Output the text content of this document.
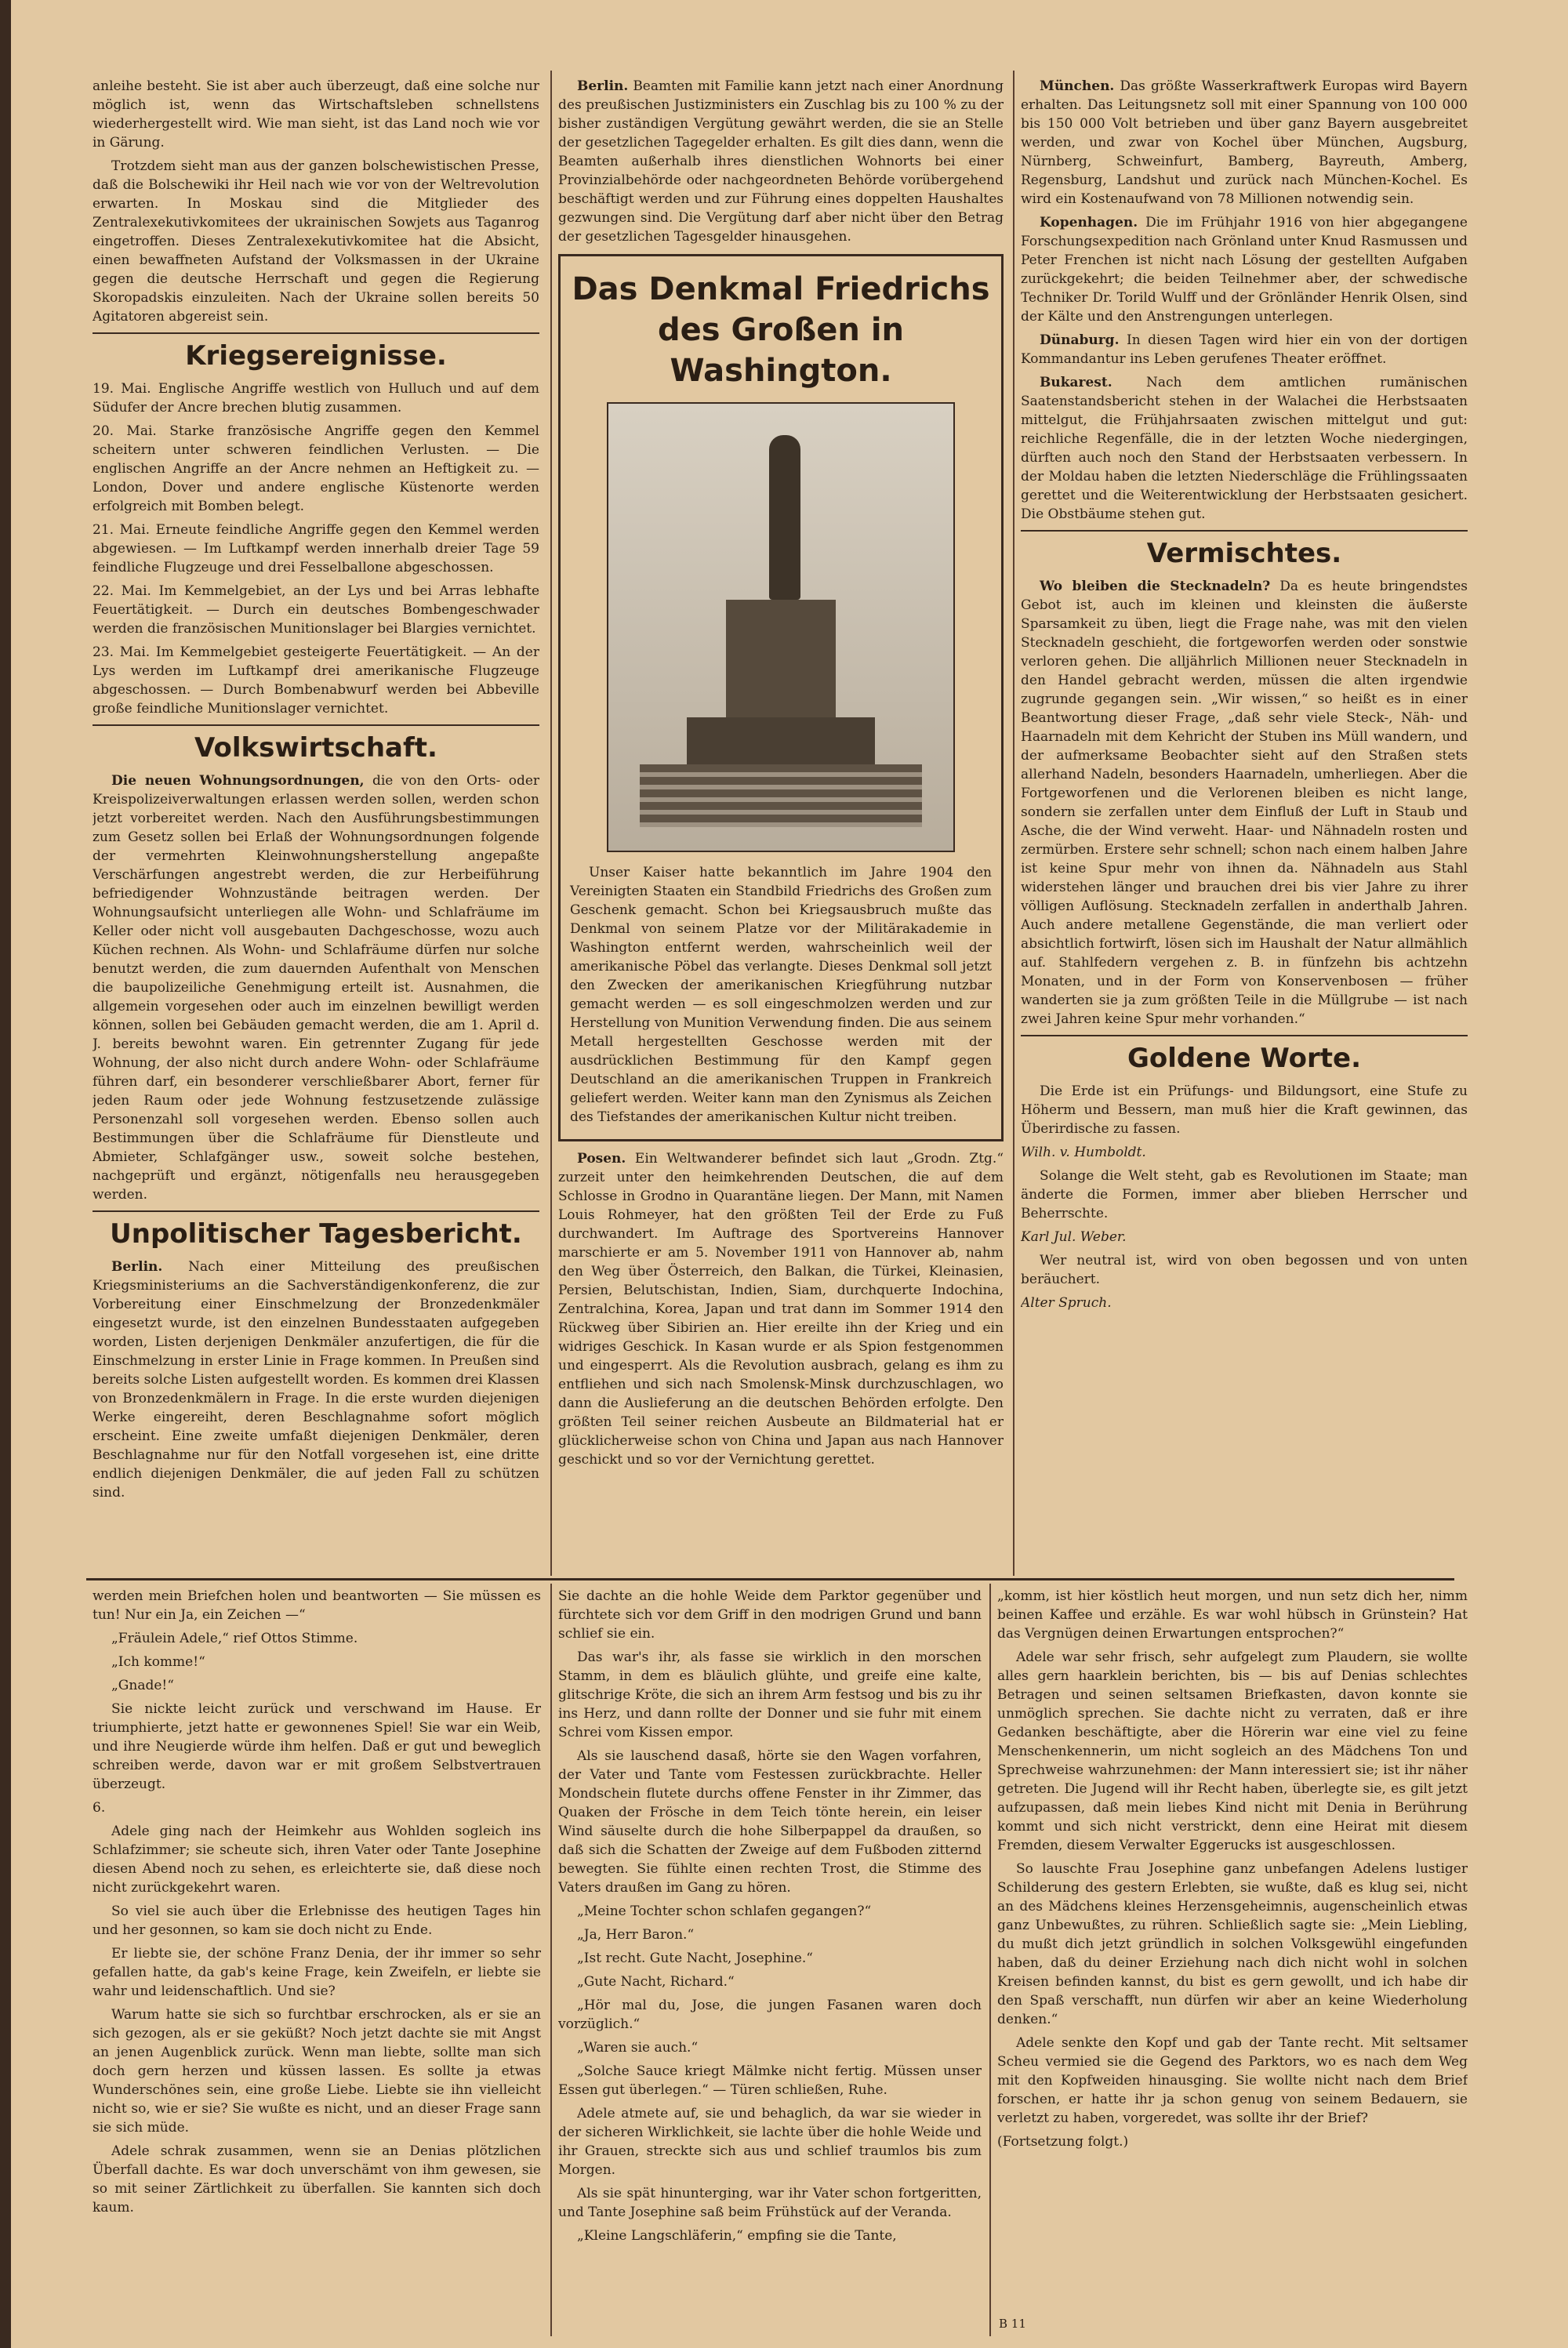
anleihe besteht. Sie ist aber auch überzeugt, daß eine solche nur möglich ist, wenn das Wirtschaftsleben schnellstens wiederhergestellt wird. Wie man sieht, ist das Land noch wie vor in Gärung.

Trotzdem sieht man aus der ganzen bolschewistischen Presse, daß die Bolschewiki ihr Heil nach wie vor von der Weltrevolution erwarten. In Moskau sind die Mitglieder des Zentralexekutivkomitees der ukrainischen Sowjets aus Taganrog eingetroffen. Dieses Zentralexekutivkomitee hat die Absicht, einen bewaffneten Aufstand der Volksmassen in der Ukraine gegen die deutsche Herrschaft und gegen die Regierung Skoropadskis einzuleiten. Nach der Ukraine sollen bereits 50 Agitatoren abgereist sein.

Kriegsereignisse.

19. Mai. Englische Angriffe westlich von Hulluch und auf dem Südufer der Ancre brechen blutig zusammen.

20. Mai. Starke französische Angriffe gegen den Kemmel scheitern unter schweren feindlichen Verlusten. — Die englischen Angriffe an der Ancre nehmen an Heftigkeit zu. — London, Dover und andere englische Küstenorte werden erfolgreich mit Bomben belegt.

21. Mai. Erneute feindliche Angriffe gegen den Kemmel werden abgewiesen. — Im Luftkampf werden innerhalb dreier Tage 59 feindliche Flugzeuge und drei Fesselballone abgeschossen.

22. Mai. Im Kemmelgebiet, an der Lys und bei Arras lebhafte Feuertätigkeit. — Durch ein deutsches Bombengeschwader werden die französischen Munitionslager bei Blargies vernichtet.

23. Mai. Im Kemmelgebiet gesteigerte Feuertätigkeit. — An der Lys werden im Luftkampf drei amerikanische Flugzeuge abgeschossen. — Durch Bombenabwurf werden bei Abbeville große feindliche Munitionslager vernichtet.

Volkswirtschaft.

Die neuen Wohnungsordnungen, die von den Orts- oder Kreispolizeiverwaltungen erlassen werden sollen, werden schon jetzt vorbereitet werden. Nach den Ausführungsbestimmungen zum Gesetz sollen bei Erlaß der Wohnungsordnungen folgende der vermehrten Kleinwohnungsherstellung angepaßte Verschärfungen angestrebt werden, die zur Herbeiführung befriedigender Wohnzustände beitragen werden. Der Wohnungsaufsicht unterliegen alle Wohn- und Schlafräume im Keller oder nicht voll ausgebauten Dachgeschosse, wozu auch Küchen rechnen. Als Wohn- und Schlafräume dürfen nur solche benutzt werden, die zum dauernden Aufenthalt von Menschen die baupolizeiliche Genehmigung erteilt ist. Ausnahmen, die allgemein vorgesehen oder auch im einzelnen bewilligt werden können, sollen bei Gebäuden gemacht werden, die am 1. April d. J. bereits bewohnt waren. Ein getrennter Zugang für jede Wohnung, der also nicht durch andere Wohn- oder Schlafräume führen darf, ein besonderer verschließbarer Abort, ferner für jeden Raum oder jede Wohnung festzusetzende zulässige Personenzahl soll vorgesehen werden. Ebenso sollen auch Bestimmungen über die Schlafräume für Dienstleute und Abmieter, Schlafgänger usw., soweit solche bestehen, nachgeprüft und ergänzt, nötigenfalls neu herausgegeben werden.

Unpolitischer Tagesbericht.

Berlin. Nach einer Mitteilung des preußischen Kriegsministeriums an die Sachverständigenkonferenz, die zur Vorbereitung einer Einschmelzung der Bronzedenkmäler eingesetzt wurde, ist den einzelnen Bundesstaaten aufgegeben worden, Listen derjenigen Denkmäler anzufertigen, die für die Einschmelzung in erster Linie in Frage kommen. In Preußen sind bereits solche Listen aufgestellt worden. Es kommen drei Klassen von Bronzedenkmälern in Frage. In die erste wurden diejenigen Werke eingereiht, deren Beschlagnahme sofort möglich erscheint. Eine zweite umfaßt diejenigen Denkmäler, deren Beschlagnahme nur für den Notfall vorgesehen ist, eine dritte endlich diejenigen Denkmäler, die auf jeden Fall zu schützen sind.

Berlin. Beamten mit Familie kann jetzt nach einer Anordnung des preußischen Justizministers ein Zuschlag bis zu 100 % zu der bisher zuständigen Vergütung gewährt werden, die sie an Stelle der gesetzlichen Tagegelder erhalten. Es gilt dies dann, wenn die Beamten außerhalb ihres dienstlichen Wohnorts bei einer Provinzialbehörde oder nachgeordneten Behörde vorübergehend beschäftigt werden und zur Führung eines doppelten Haushaltes gezwungen sind. Die Vergütung darf aber nicht über den Betrag der gesetzlichen Tagesgelder hinausgehen.

Das Denkmal Friedrichs des Großen in Washington.

Unser Kaiser hatte bekanntlich im Jahre 1904 den Vereinigten Staaten ein Standbild Friedrichs des Großen zum Geschenk gemacht. Schon bei Kriegsausbruch mußte das Denkmal von seinem Platze vor der Militärakademie in Washington entfernt werden, wahrscheinlich weil der amerikanische Pöbel das verlangte. Dieses Denkmal soll jetzt den Zwecken der amerikanischen Kriegführung nutzbar gemacht werden — es soll eingeschmolzen werden und zur Herstellung von Munition Verwendung finden. Die aus seinem Metall hergestellten Geschosse werden mit der ausdrücklichen Bestimmung für den Kampf gegen Deutschland an die amerikanischen Truppen in Frankreich geliefert werden. Weiter kann man den Zynismus als Zeichen des Tiefstandes der amerikanischen Kultur nicht treiben.

Posen. Ein Weltwanderer befindet sich laut „Grodn. Ztg.“ zurzeit unter den heimkehrenden Deutschen, die auf dem Schlosse in Grodno in Quarantäne liegen. Der Mann, mit Namen Louis Rohmeyer, hat den größten Teil der Erde zu Fuß durchwandert. Im Auftrage des Sportvereins Hannover marschierte er am 5. November 1911 von Hannover ab, nahm den Weg über Österreich, den Balkan, die Türkei, Kleinasien, Persien, Belutschistan, Indien, Siam, durchquerte Indochina, Zentralchina, Korea, Japan und trat dann im Sommer 1914 den Rückweg über Sibirien an. Hier ereilte ihn der Krieg und ein widriges Geschick. In Kasan wurde er als Spion festgenommen und eingesperrt. Als die Revolution ausbrach, gelang es ihm zu entfliehen und sich nach Smolensk-Minsk durchzuschlagen, wo dann die Auslieferung an die deutschen Behörden erfolgte. Den größten Teil seiner reichen Ausbeute an Bildmaterial hat er glücklicherweise schon von China und Japan aus nach Hannover geschickt und so vor der Vernichtung gerettet.

München. Das größte Wasserkraftwerk Europas wird Bayern erhalten. Das Leitungsnetz soll mit einer Spannung von 100 000 bis 150 000 Volt betrieben und über ganz Bayern ausgebreitet werden, und zwar von Kochel über München, Augsburg, Nürnberg, Schweinfurt, Bamberg, Bayreuth, Amberg, Regensburg, Landshut und zurück nach München-Kochel. Es wird ein Kostenaufwand von 78 Millionen notwendig sein.

Kopenhagen. Die im Frühjahr 1916 von hier abgegangene Forschungsexpedition nach Grönland unter Knud Rasmussen und Peter Frenchen ist nicht nach Lösung der gestellten Aufgaben zurückgekehrt; die beiden Teilnehmer aber, der schwedische Techniker Dr. Torild Wulff und der Grönländer Henrik Olsen, sind der Kälte und den Anstrengungen unterlegen.

Dünaburg. In diesen Tagen wird hier ein von der dortigen Kommandantur ins Leben gerufenes Theater eröffnet.

Bukarest.	Nach dem amtlichen rumänischen Saatenstandsbericht stehen in der Walachei die Herbstsaaten mittelgut, die Frühjahrsaaten zwischen mittelgut und gut: reichliche Regenfälle, die in der letzten Woche niedergingen, dürften auch noch den Stand der Herbstsaaten verbessern. In der Moldau haben die letzten Niederschläge die Frühlingssaaten gerettet und die Weiterentwicklung der Herbstsaaten gesichert. Die Obstbäume stehen gut.

Vermischtes.

Wo bleiben die Stecknadeln? Da es heute bringendstes Gebot ist, auch im kleinen und kleinsten die äußerste Sparsamkeit zu üben, liegt die Frage nahe, was mit den vielen Stecknadeln geschieht, die fortgeworfen werden oder sonstwie verloren gehen. Die alljährlich Millionen neuer Stecknadeln in den Handel gebracht werden, müssen die alten irgendwie zugrunde gegangen sein. „Wir wissen,“ so heißt es in einer Beantwortung dieser Frage, „daß sehr viele Steck-, Näh- und Haarnadeln mit dem Kehricht der Stuben ins Müll wandern, und der aufmerksame Beobachter sieht auf den Straßen stets allerhand Nadeln, besonders Haarnadeln, umherliegen. Aber die Fortgeworfenen und die Verlorenen bleiben es nicht lange, sondern sie zerfallen unter dem Einfluß der Luft in Staub und Asche, die der Wind verweht. Haar- und Nähnadeln rosten und zermürben. Erstere sehr schnell; schon nach einem halben Jahre ist keine Spur mehr von ihnen da. Nähnadeln aus Stahl widerstehen länger und brauchen drei bis vier Jahre zu ihrer völligen Auflösung. Stecknadeln zerfallen in anderthalb Jahren. Auch andere metallene Gegenstände, die man verliert oder absichtlich fortwirft, lösen sich im Haushalt der Natur allmählich auf. Stahlfedern vergehen z. B. in fünfzehn bis achtzehn Monaten, und in der Form von Konservenbosen — früher wanderten sie ja zum größten Teile in die Müllgrube — ist nach zwei Jahren keine Spur mehr vorhanden.“

Goldene Worte.

Die Erde ist ein Prüfungs- und Bildungsort, eine Stufe zu Höherm und Bessern, man muß hier die Kraft gewinnen, das Überirdische zu fassen.

Wilh. v. Humboldt.

Solange die Welt steht, gab es Revolutionen im Staate; man änderte die Formen, immer aber blieben Herrscher und Beherrschte.

Karl Jul. Weber.

Wer neutral ist, wird von oben begossen und von unten beräuchert.

Alter Spruch.

werden mein Briefchen holen und beantworten — Sie müssen es tun! Nur ein Ja, ein Zeichen —“

„Fräulein Adele,“ rief Ottos Stimme.

„Ich komme!“

„Gnade!“

Sie nickte leicht zurück und verschwand im Hause. Er triumphierte, jetzt hatte er gewonnenes Spiel! Sie war ein Weib, und ihre Neugierde würde ihm helfen. Daß er gut und beweglich schreiben werde, davon war er mit großem Selbstvertrauen überzeugt.

6.

Adele ging nach der Heimkehr aus Wohlden sogleich ins Schlafzimmer; sie scheute sich, ihren Vater oder Tante Josephine diesen Abend noch zu sehen, es erleichterte sie, daß diese noch nicht zurückgekehrt waren.

So viel sie auch über die Erlebnisse des heutigen Tages hin und her gesonnen, so kam sie doch nicht zu Ende.

Er liebte sie, der schöne Franz Denia, der ihr immer so sehr gefallen hatte, da gab's keine Frage, kein Zweifeln, er liebte sie wahr und leidenschaftlich. Und sie?

Warum hatte sie sich so furchtbar erschrocken, als er sie an sich gezogen, als er sie geküßt? Noch jetzt dachte sie mit Angst an jenen Augenblick zurück. Wenn man liebte, sollte man sich doch gern herzen und küssen lassen. Es sollte ja etwas Wunderschönes sein, eine große Liebe. Liebte sie ihn vielleicht nicht so, wie er sie? Sie wußte es nicht, und an dieser Frage sann sie sich müde.

Adele schrak zusammen, wenn sie an Denias plötzlichen Überfall dachte. Es war doch unverschämt von ihm gewesen, sie so mit seiner Zärtlichkeit zu überfallen. Sie kannten sich doch kaum.

Sie dachte an die hohle Weide dem Parktor gegenüber und fürchtete sich vor dem Griff in den modrigen Grund und bann schlief sie ein.

Das war's ihr, als fasse sie wirklich in den morschen Stamm, in dem es bläulich glühte, und greife eine kalte, glitschrige Kröte, die sich an ihrem Arm festsog und bis zu ihr ins Herz, und dann rollte der Donner und sie fuhr mit einem Schrei vom Kissen empor.

Als sie lauschend dasaß, hörte sie den Wagen vorfahren, der Vater und Tante vom Festessen zurückbrachte. Heller Mondschein flutete durchs offene Fenster in ihr Zimmer, das Quaken der Frösche in dem Teich tönte herein, ein leiser Wind säuselte durch die hohe Silberpappel da draußen, so daß sich die Schatten der Zweige auf dem Fußboden zitternd bewegten. Sie fühlte einen rechten Trost, die Stimme des Vaters draußen im Gang zu hören.

„Meine Tochter schon schlafen gegangen?“

„Ja, Herr Baron.“

„Ist recht. Gute Nacht, Josephine.“

„Gute Nacht, Richard.“

„Hör mal du, Jose, die jungen Fasanen waren doch vorzüglich.“

„Waren sie auch.“

„Solche Sauce kriegt Mälmke nicht fertig. Müssen unser Essen gut überlegen.“ — Türen schließen, Ruhe.

Adele atmete auf, sie und behaglich, da war sie wieder in der sicheren Wirklichkeit, sie lachte über die hohle Weide und ihr Grauen, streckte sich aus und schlief traumlos bis zum Morgen.

Als sie spät hinunterging, war ihr Vater schon fortgeritten, und Tante Josephine saß beim Frühstück auf der Veranda.

„Kleine Langschläferin,“ empfing sie die Tante,

„komm, ist hier köstlich heut morgen, und nun setz dich her, nimm beinen Kaffee und erzähle. Es war wohl hübsch in Grünstein? Hat das Vergnügen deinen Erwartungen entsprochen?“

Adele war sehr frisch, sehr aufgelegt zum Plaudern, sie wollte alles gern haarklein berichten, bis — bis auf Denias schlechtes Betragen und seinen seltsamen Briefkasten, davon konnte sie unmöglich sprechen. Sie dachte nicht zu verraten, daß er ihre Gedanken beschäftigte, aber die Hörerin war eine viel zu feine Menschenkennerin, um nicht sogleich an des Mädchens Ton und Sprechweise wahrzunehmen: der Mann interessiert sie; ist ihr näher getreten. Die Jugend will ihr Recht haben, überlegte sie, es gilt jetzt aufzupassen, daß mein liebes Kind nicht mit Denia in Berührung kommt und sich nicht verstrickt, denn eine Heirat mit diesem Fremden, diesem Verwalter Eggerucks ist ausgeschlossen.

So lauschte Frau Josephine ganz unbefangen Adelens lustiger Schilderung des gestern Erlebten, sie wußte, daß es klug sei, nicht an des Mädchens kleines Herzensgeheimnis, augenscheinlich etwas ganz Unbewußtes, zu rühren. Schließlich sagte sie: „Mein Liebling, du mußt dich jetzt gründlich in solchen Volksgewühl eingefunden haben, daß du deiner Erziehung nach dich nicht wohl in solchen Kreisen befinden kannst, du bist es gern gewollt, und ich habe dir den Spaß verschafft, nun dürfen wir aber an keine Wiederholung denken.“

Adele senkte den Kopf und gab der Tante recht. Mit seltsamer Scheu vermied sie die Gegend des Parktors, wo es nach dem Weg mit den Kopfweiden hinausging. Sie wollte nicht nach dem Brief forschen, er hatte ihr ja schon genug von seinem Bedauern, sie verletzt zu haben, vorgeredet, was sollte ihr der Brief?

(Fortsetzung folgt.)

B 11
